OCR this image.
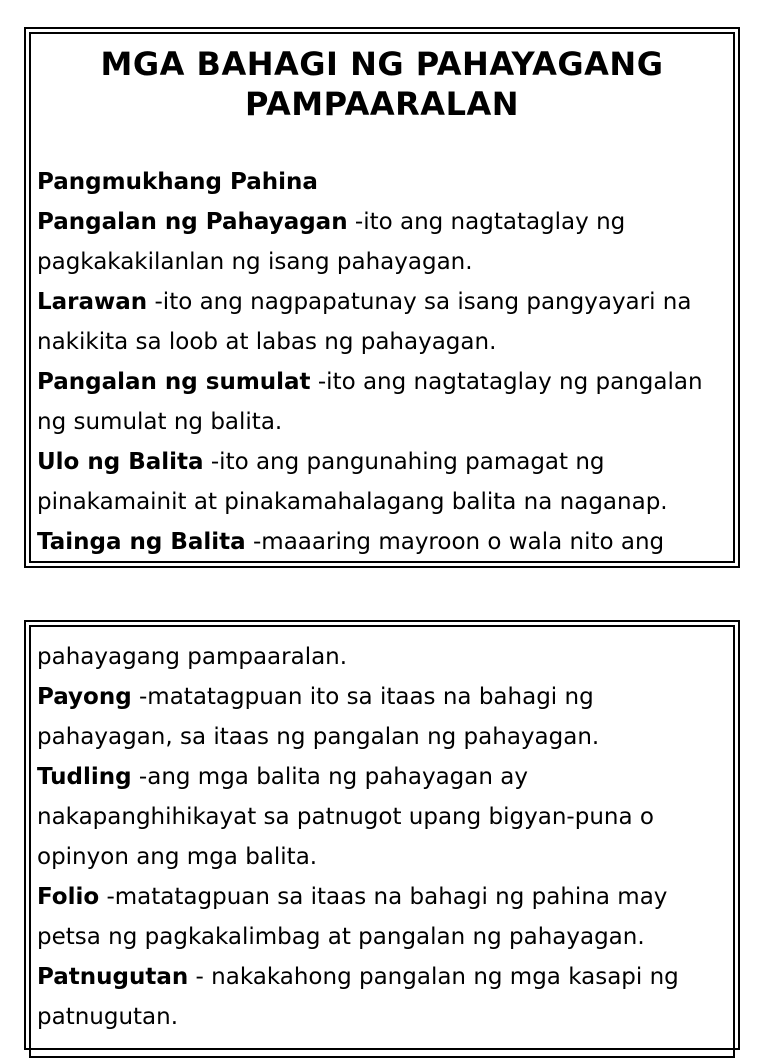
MGA BAHAGI NG PAHAYAGANG
PAMPAARALAN

Pangmukhang Pahina

Pangalan ng Pahayagan -ito ang nagtataglay ng pagkakakilanlan ng isang pahayagan.

Larawan -ito ang nagpapatunay sa isang pangyayari na nakikita sa loob at labas ng pahayagan.

Pangalan ng sumulat -ito ang nagtataglay ng pangalan ng sumulat ng balita.

Ulo ng Balita -ito ang pangunahing pamagat ng pinakamainit at pinakamahalagang balita na naganap.

Tainga ng Balita -maaaring mayroon o wala nito ang

pahayagang pampaaralan.

Payong -matatagpuan ito sa itaas na bahagi ng pahayagan, sa itaas ng pangalan ng pahayagan.

Tudling -ang mga balita ng pahayagan ay nakapanghihikayat sa patnugot upang bigyan-puna o opinyon ang mga balita.

Folio -matatagpuan sa itaas na bahagi ng pahina may petsa ng pagkakalimbag at pangalan ng pahayagan.

Patnugutan - nakakahong pangalan ng mga kasapi ng patnugutan.
